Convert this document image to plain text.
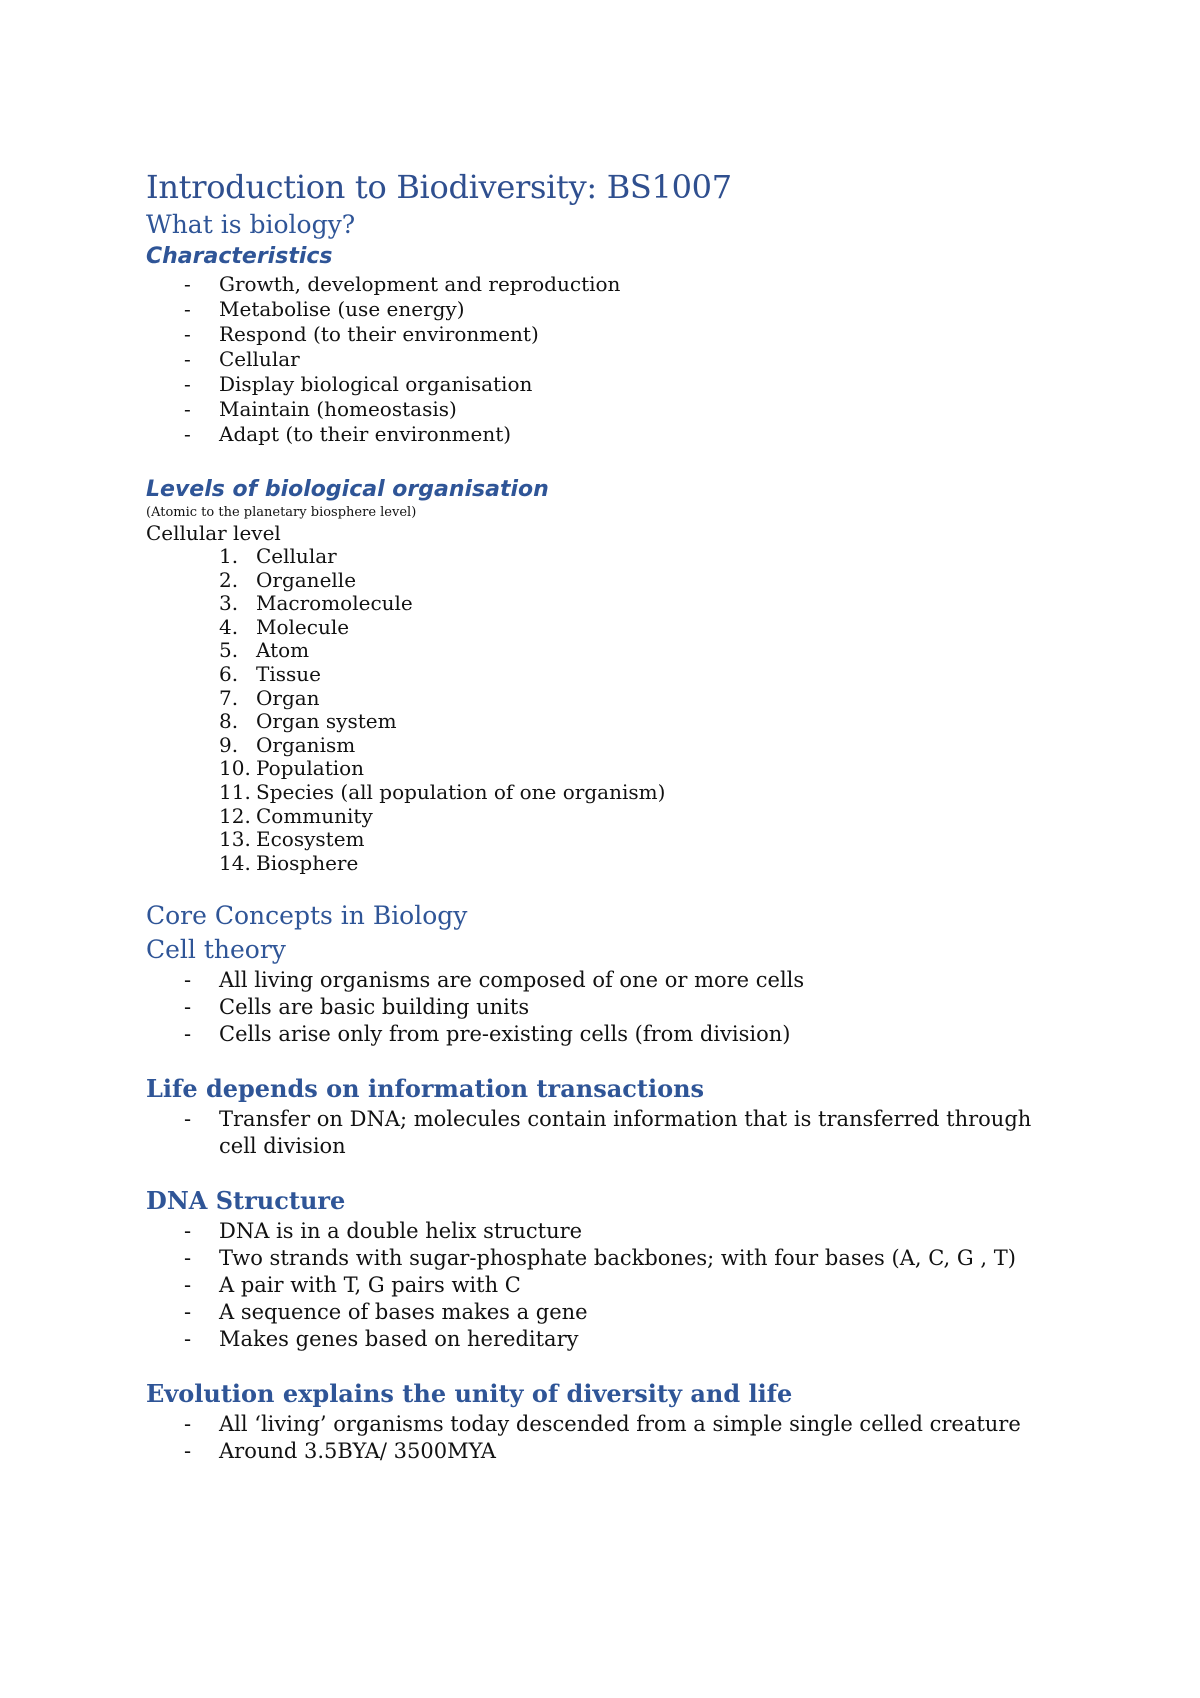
Introduction to Biodiversity: BS1007
What is biology?
Characteristics
- Growth, development and reproduction
- Metabolise (use energy)
- Respond (to their environment)
- Cellular
- Display biological organisation
- Maintain (homeostasis)
- Adapt (to their environment)
Levels of biological organisation

(Atomic to the planetary biosphere level)

Cellular level

1. Cellular
2. Organelle
3. Macromolecule
4. Molecule
5. Atom
6. Tissue
7. Organ
8. Organ system
9. Organism
10. Population
11. Species (all population of one organism)
12. Community
13. Ecosystem
14. Biosphere
Core Concepts in Biology
Cell theory
- All living organisms are composed of one or more cells
- Cells are basic building units
- Cells arise only from pre-existing cells (from division)
Life depends on information transactions
- Transfer on DNA; molecules contain information that is transferred through cell division
DNA Structure
- DNA is in a double helix structure
- Two strands with sugar-phosphate backbones; with four bases (A, C, G , T)
- A pair with T, G pairs with C
- A sequence of bases makes a gene
- Makes genes based on hereditary
Evolution explains the unity of diversity and life
- All ‘living’ organisms today descended from a simple single celled creature
- Around 3.5BYA/ 3500MYA
